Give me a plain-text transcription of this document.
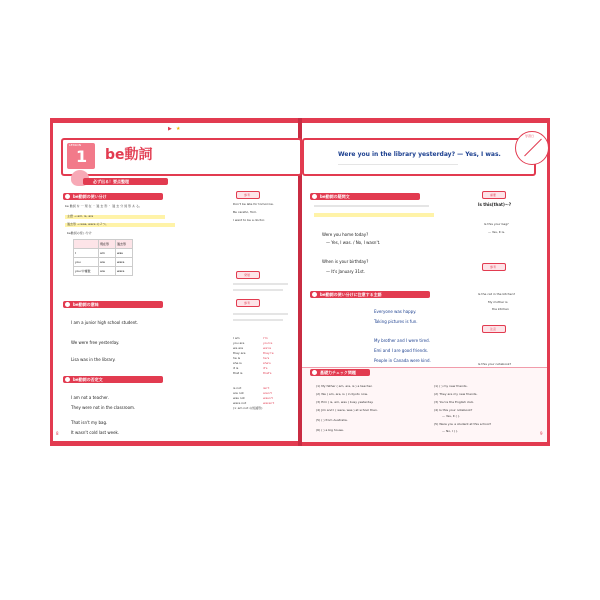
▶ ★
LESSON
1 be動詞
必ず出る！要点整理
be動詞の使い分け
be 動詞 を 一 現 在 ・ 過 去 形 ・ 過 去 分 詞 形 あ る。
主語 → am, is, are
過去形 → was, were の２つ。
be動詞の使い分け
	現在形	過去形
I	am	was
you	are	were
you 中複数	are	were
be動詞の意味
I am a junior high school student.
We were free yesterday.
Lisa was in the library.
be動詞の否定文
I am not a teacher.
They were not in the classroom.
That isn't my bag.
It wasn't cold last week.
参考
Don't be late for tomorrow.
Be careful, Tom.
I want to be a doctor.
発展
参考
I am	I'm
you are	you're
we are	we're
they are	they're
he is	he's
she is	she's
it is	it's
that is	that's
is not	isn't
are not	aren't
was not	wasn't
were not	weren't
(× am not の短縮形)
8
Were you in the library yesterday? — Yes, I was.
学習日
be動詞の疑問文
Were you home today?
— Yes, I was. / No, I wasn't.
When is your birthday?
— It's January 31st.
be動詞の使い分けに注意する主語
Everyone was happy.
Taking pictures is fun.
My brother and I were tired.
Emi and I are good friends.
People in Canada were kind.
重要
Is this(that)～?
Is this your bag?
— Yes, it is.
参考
Is the cat in the kitchen?
My mother is
the kitchen
注意
Is this your notebook?
基礎力チェック問題
(1) My father ( am, are, is ) a teacher.
(2) We ( am, are, is ) in Kyoto now.
(3) Emi ( is, am, was ) busy yesterday.
(4) Jim and I ( were, was ) at school then.
(5) ( ) from Australia.
(6) ( ) a big house.
(1) ( ) my new friends.
(2) They are my new friends.
(3) You're the English club.
(4) Is this your notebook?
— Yes, it ( ).
(5) Were you a student at this school?
— No, I ( ).	9
